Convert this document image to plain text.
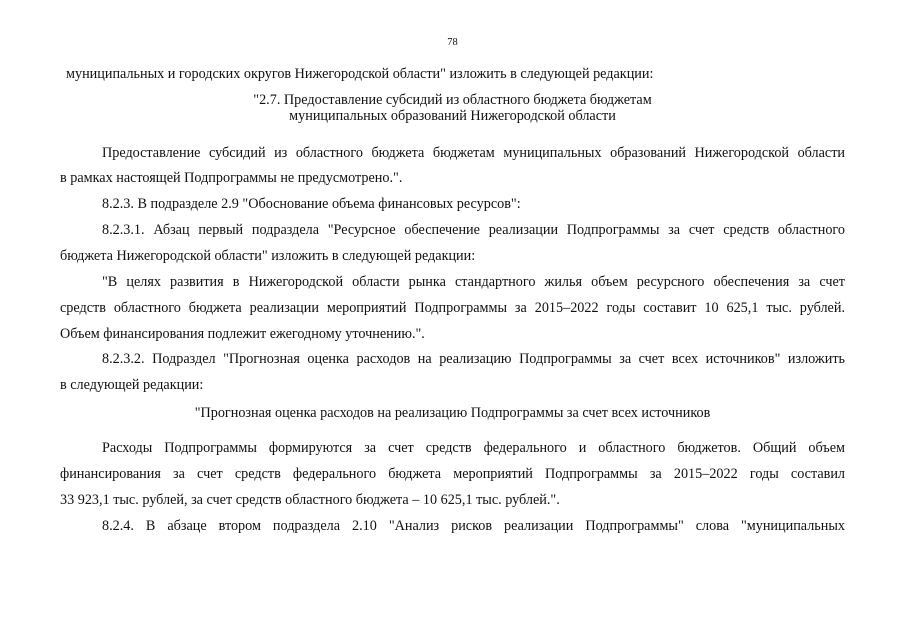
78
муниципальных и городских округов Нижегородской области" изложить в следующей редакции:
"2.7. Предоставление субсидий из областного бюджета бюджетам
муниципальных образований Нижегородской области
Предоставление субсидий из областного бюджета бюджетам муниципальных образований Нижегородской области
в рамках настоящей Подпрограммы не предусмотрено.".
8.2.3. В подразделе 2.9 "Обоснование объема финансовых ресурсов":
8.2.3.1. Абзац первый подраздела "Ресурсное обеспечение реализации Подпрограммы за счет средств областного
бюджета Нижегородской области" изложить в следующей редакции:
"В целях развития в Нижегородской области рынка стандартного жилья объем ресурсного обеспечения за счет
средств областного бюджета реализации мероприятий Подпрограммы за 2015–2022 годы составит 10 625,1 тыс. рублей.
Объем финансирования подлежит ежегодному уточнению.".
8.2.3.2. Подраздел "Прогнозная оценка расходов на реализацию Подпрограммы за счет всех источников" изложить
в следующей редакции:
"Прогнозная оценка расходов на реализацию Подпрограммы за счет всех источников
Расходы Подпрограммы формируются за счет средств федерального и областного бюджетов. Общий объем
финансирования за счет средств федерального бюджета мероприятий Подпрограммы за 2015–2022 годы составил
33 923,1 тыс. рублей, за счет средств областного бюджета – 10 625,1 тыс. рублей.".
8.2.4. В абзаце втором подраздела 2.10 "Анализ рисков реализации Подпрограммы" слова "муниципальных
